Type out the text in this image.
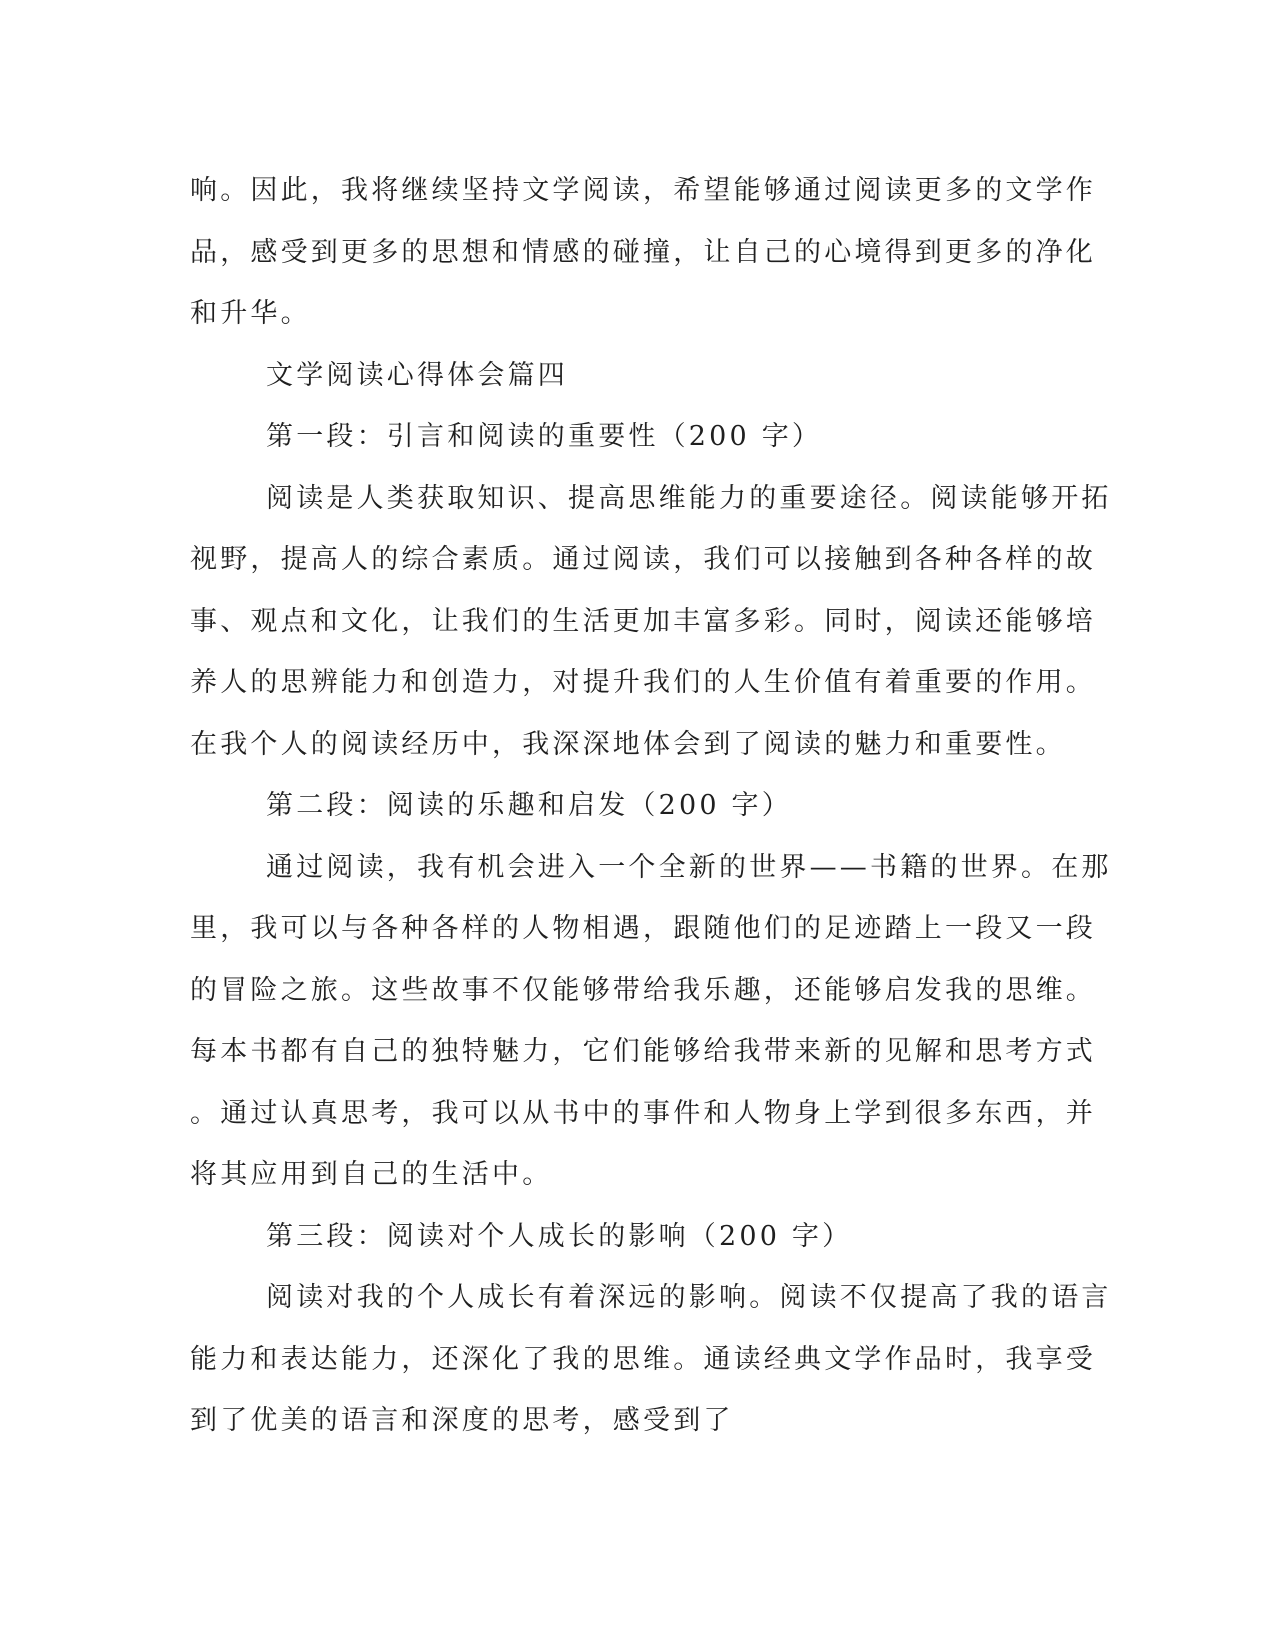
响。因此，我将继续坚持文学阅读，希望能够通过阅读更多的文学作
品，感受到更多的思想和情感的碰撞，让自己的心境得到更多的净化
和升华。
文学阅读心得体会篇四
第一段：引言和阅读的重要性（200 字）
阅读是人类获取知识、提高思维能力的重要途径。阅读能够开拓
视野，提高人的综合素质。通过阅读，我们可以接触到各种各样的故
事、观点和文化，让我们的生活更加丰富多彩。同时，阅读还能够培
养人的思辨能力和创造力，对提升我们的人生价值有着重要的作用。
在我个人的阅读经历中，我深深地体会到了阅读的魅力和重要性。
第二段：阅读的乐趣和启发（200 字）
通过阅读，我有机会进入一个全新的世界——书籍的世界。在那
里，我可以与各种各样的人物相遇，跟随他们的足迹踏上一段又一段
的冒险之旅。这些故事不仅能够带给我乐趣，还能够启发我的思维。
每本书都有自己的独特魅力，它们能够给我带来新的见解和思考方式
。通过认真思考，我可以从书中的事件和人物身上学到很多东西，并
将其应用到自己的生活中。
第三段：阅读对个人成长的影响（200 字）
阅读对我的个人成长有着深远的影响。阅读不仅提高了我的语言
能力和表达能力，还深化了我的思维。通读经典文学作品时，我享受
到了优美的语言和深度的思考，感受到了
